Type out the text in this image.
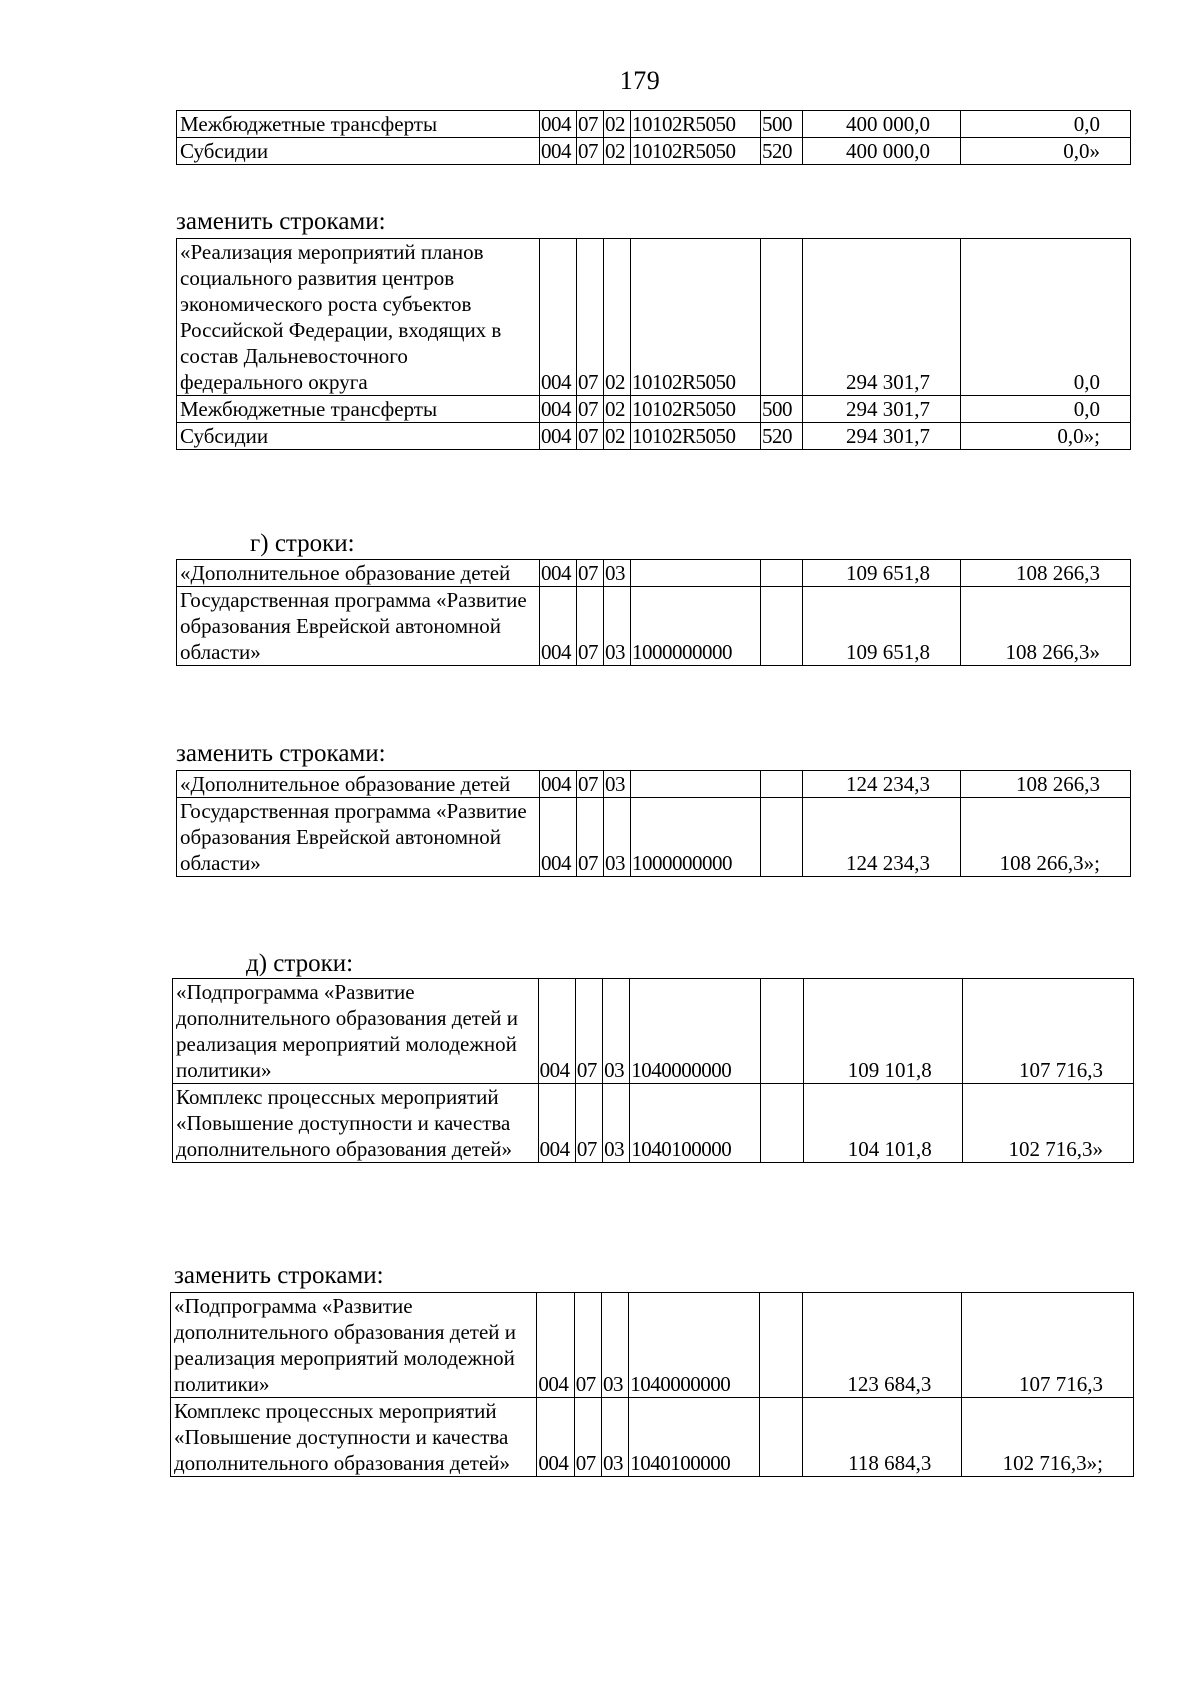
179
Межбюджетные трансферты	004	07	02	10102R5050	500	400 000,0	0,0
Субсидии	004	07	02	10102R5050	520	400 000,0	0,0»
заменить строками:
«Реализация мероприятий планов социального развития центров экономического роста субъектов Российской Федерации, входящих в состав Дальневосточного федерального округа	004	07	02	10102R5050		294 301,7	0,0
Межбюджетные трансферты	004	07	02	10102R5050	500	294 301,7	0,0
Субсидии	004	07	02	10102R5050	520	294 301,7	0,0»;
г) строки:
«Дополнительное образование детей	004	07	03			109 651,8	108 266,3
Государственная программа «Развитие образования Еврейской автономной области»	004	07	03	1000000000		109 651,8	108 266,3»
заменить строками:
«Дополнительное образование детей	004	07	03			124 234,3	108 266,3
Государственная программа «Развитие образования Еврейской автономной области»	004	07	03	1000000000		124 234,3	108 266,3»;
д) строки:
«Подпрограмма «Развитие дополнительного образования детей и реализация мероприятий молодежной политики»	004	07	03	1040000000		109 101,8	107 716,3
Комплекс процессных мероприятий «Повышение доступности и качества дополнительного образования детей»	004	07	03	1040100000		104 101,8	102 716,3»
заменить строками:
«Подпрограмма «Развитие дополнительного образования детей и реализация мероприятий молодежной политики»	004	07	03	1040000000		123 684,3	107 716,3
Комплекс процессных мероприятий «Повышение доступности и качества дополнительного образования детей»	004	07	03	1040100000		118 684,3	102 716,3»;
